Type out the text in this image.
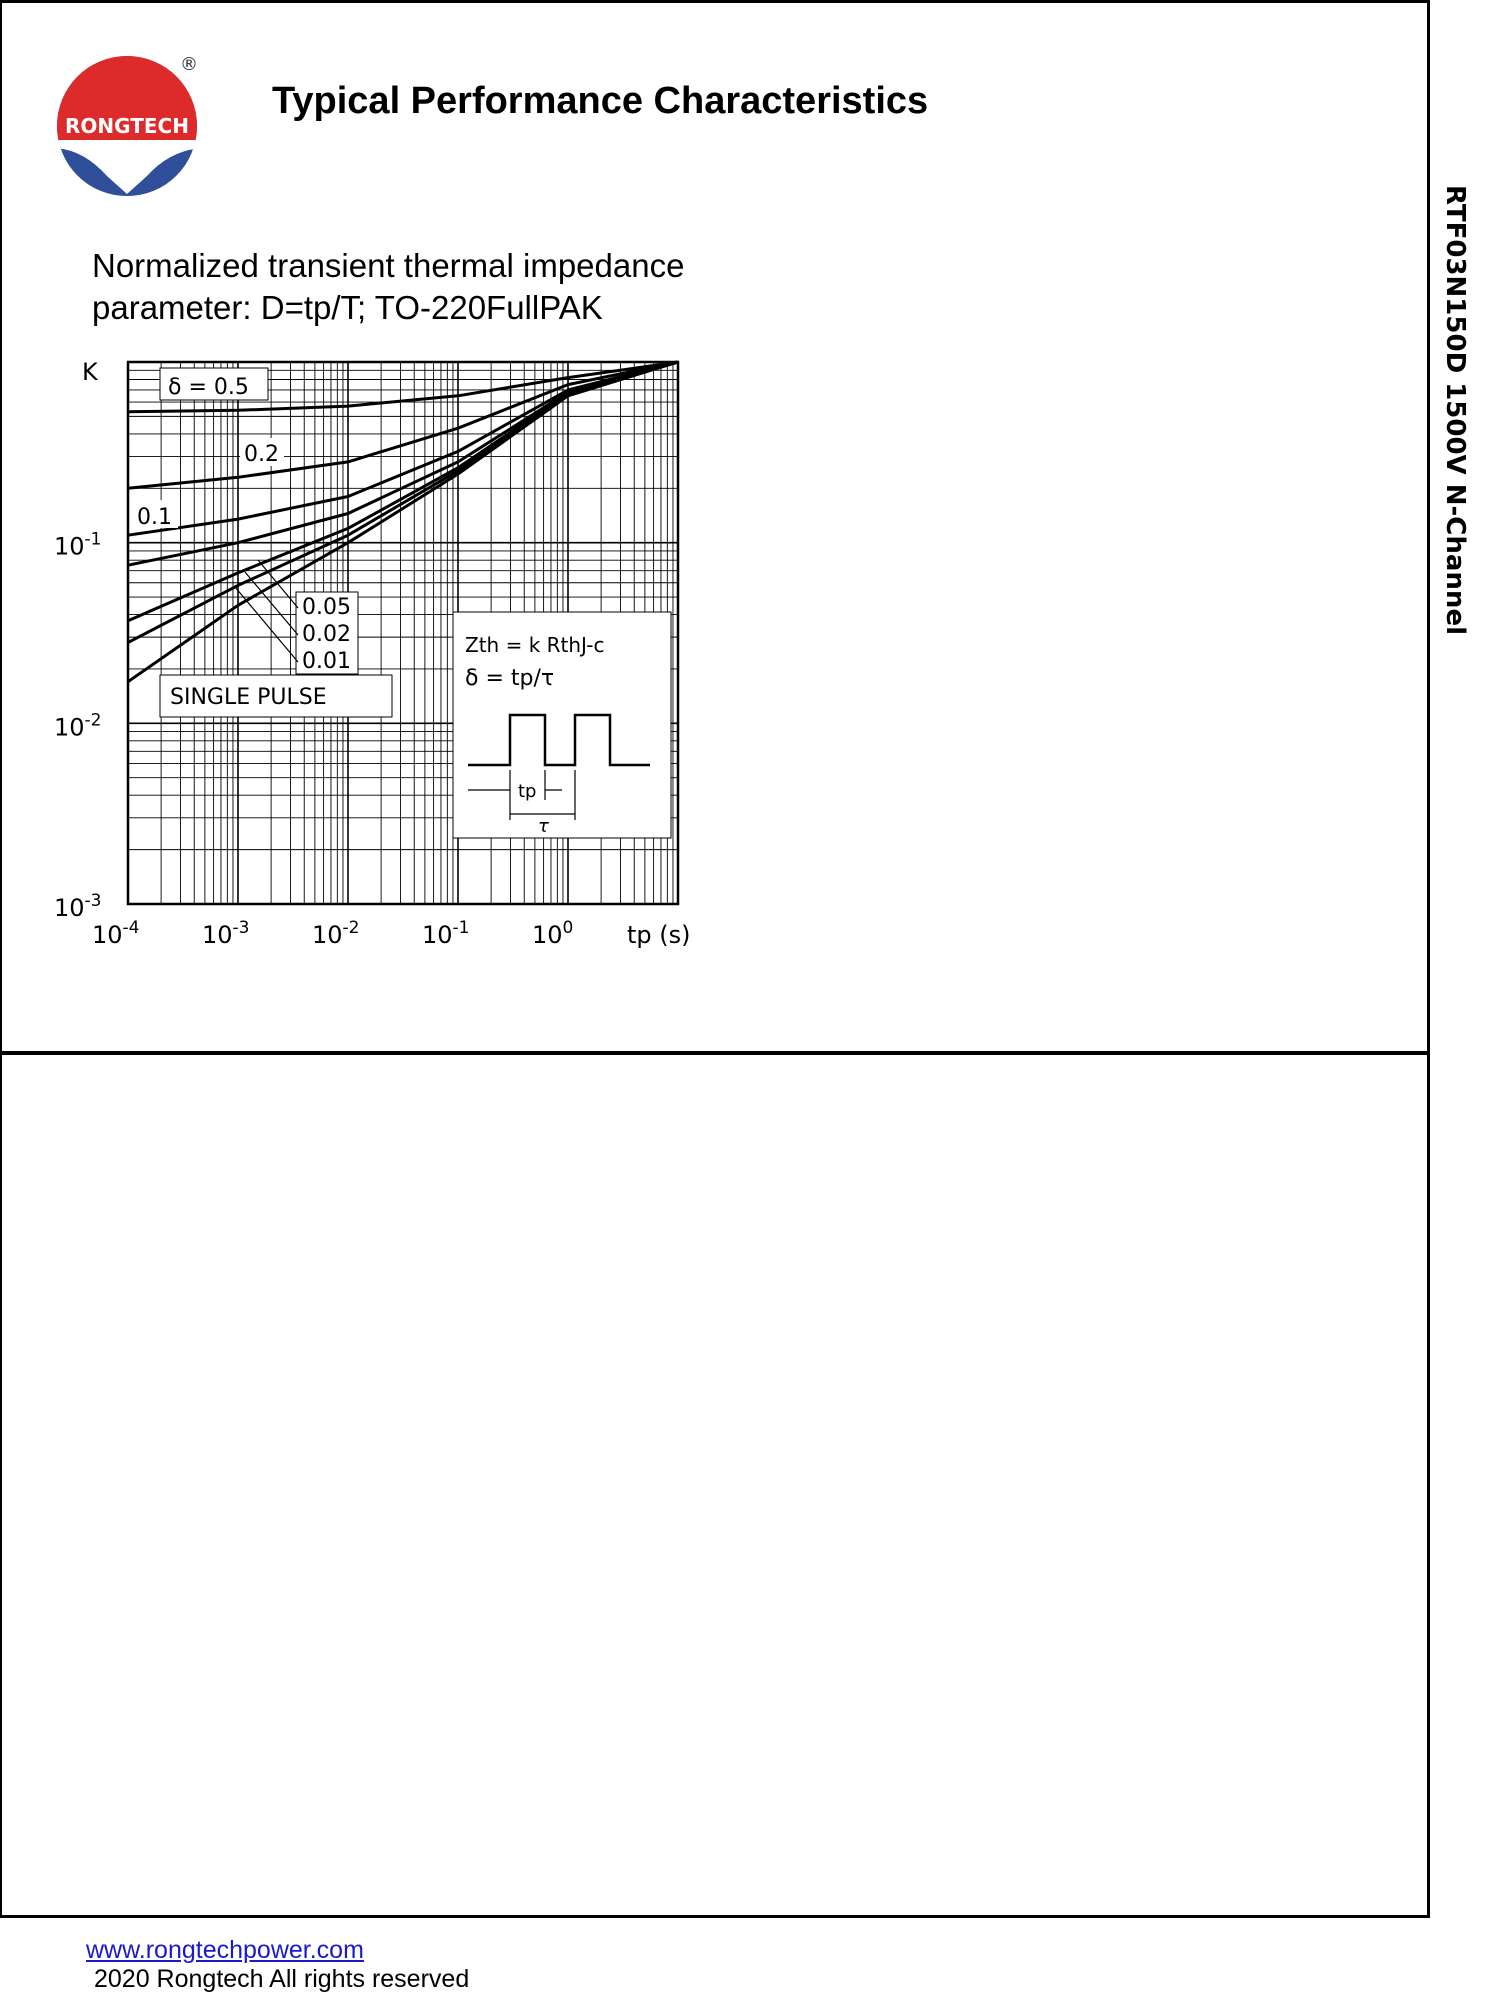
RONGTECH
®
Typical Performance Characteristics
RTF03N150D 1500V N-Channel
Normalized transient thermal impedance
parameter: D=tp/T; TO-220FullPAK
δ = 0.5
0.2
0.1
0.05
0.02
0.01
SINGLE PULSE
Zth = k RthJ-c
δ = tp/τ
tp
τ
K
$10^{-1}$
$10^{-2}$
$10^{-3}$
$10^{-4}$	$10^{-3}$	$10^{-2}$	$10^{-1}$	$10^0$ tp (s)
www.rongtechpower.com
2020 Rongtech All rights reserved
